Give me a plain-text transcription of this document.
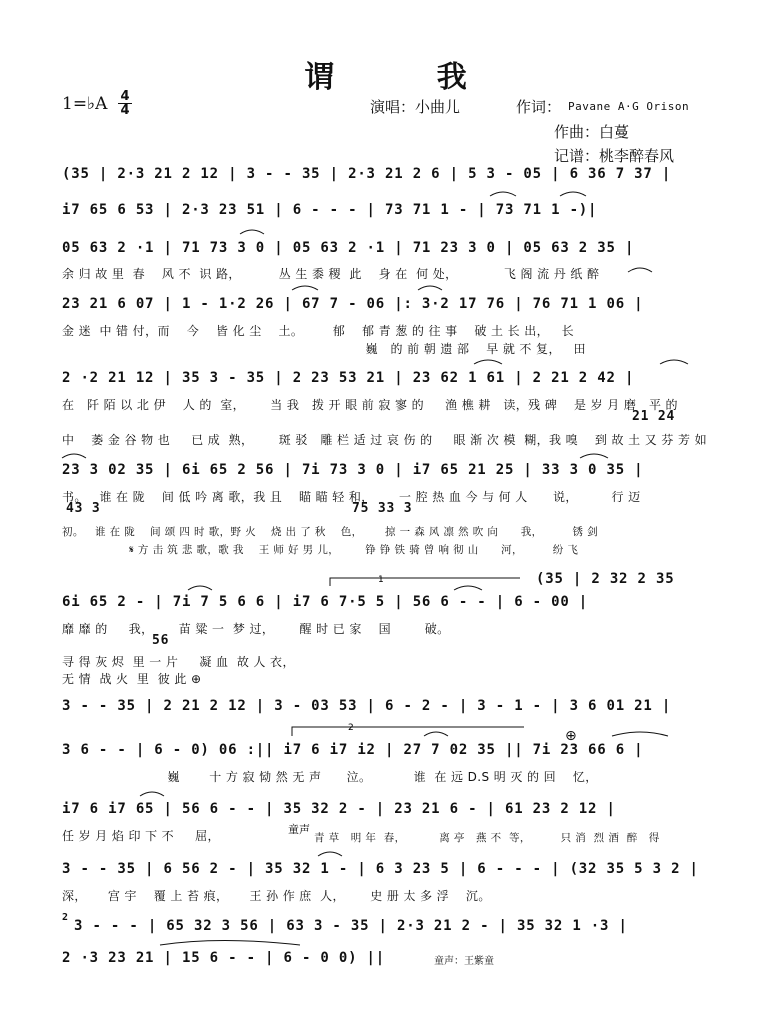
谓 我
1=♭A 4
4	演唱：小曲儿	作词： Pavane A·G Orison
作曲：白蔓
记谱：桃李醉春风
(35 | 2·3 21 2 12 | 3 - - 35 | 2·3 21 2 6 | 5 3 - 05 | 6 36 7 37 |
i7 65 6 53 | 2·3 23 51 | 6 - - - | 73 71 1 - | 73 71 1 -)|
05 63 2 ·1 | 71 73 3 0 | 05 63 2 ·1 | 71 23 3 0 | 05 63 2 35 |
余 归 故 里  春    风 不  识 路，         丛 生 黍 稷  此    身 在  何 处，           飞 阁 流 丹 纸 醉
23 21 6 07 | 1 - 1·2 26 | 67 7 - 06 |: 3·2 17 76 | 76 71 1 06 |
金 迷  中 错 付，而    今    皆 化 尘    土。       郁    郁 青 葱 的 往 事    破 土 长 出，   长
巍   的 前 朝 遗 部    早 就 不 复，   田
2 ·2 21 12 | 35 3 - 35 | 2 23 53 21 | 23 62 1 61 | 2 21 2 42 |
在   阡 陌 以 北 伊    人 的  室，      当 我   拨 开 眼 前 寂 寥 的     渔 樵 耕   读，残 碑    是 岁 月 磨   平 的
21 24
中    萎 金 谷 物 也     已 成  熟，      斑 驳   雕 栏 适 过 哀 伤 的     眼 渐 次 模  糊，我 嗅    到 故 土 又 芬 芳 如
23 3 02 35 | 6i 65 2 56 | 7i 73 3 0 | i7 65 21 25 | 33 3 0 35 |
书。   谁 在 陇    间 低 吟 离 歌，我 且    瞄 瞄 轻 和，      一 腔 热 血 今 与 何 人      说，        行 迈
43 3	75 33 3
初。   谁 在 陇    间 颂 四 时 歌，野 火    烧 出 了 秋    色，      掠 一 森 风 凛 然 吹 向      我，        锈 剑
𝄋 方 击 筑 悲 歌，歌 我    王 师 好 男 儿，       铮 铮 铁 骑 曾 响 彻 山      河，        纷 飞
(35 | 2 32 2 35
6i 65 2 - | 7i 7 5 6 6 | i7 6 7·5 5 | 56 6 - - | 6 - 00 |
靡 靡 的     我，      苗 粱 一  梦 过，      醒 时 已 家    国        破。
56
寻 得 灰 烬  里 一 片     凝 血  故 人 衣，
无 情  战 火  里  彼 此 ⊕
3 - - 35 | 2 21 2 12 | 3 - 03 53 | 6 - 2 - | 3 - 1 - | 3 6 01 21 |
3 6 - - | 6 - 0) 06 :|| i7 6 i7 i2 | 27 7 02 35 || 7i 23 66 6 |
⊕
巍       十 方 寂 恸 然 无 声      泣。          谁  在 远 D.S 明 灭 的 回    忆，
i7 6 i7 65 | 56 6 - - | 35 32 2 - | 23 21 6 - | 61 23 2 12 |
任 岁 月 焰 印 下 不     屈，	童声
青 草   明 年  春，         离 亭   燕 不  等，        只 消  烈 酒  醉   得
3 - - 35 | 6 56 2 - | 35 32 1 - | 6 3 23 5 | 6 - - - | (32 35 5 3 2 |
深，     宫 宇    覆 上 苔 痕，     王 孙 作 庶  人，      史 册 太 多 浮    沉。
2
3 - - - | 65 32 3 56 | 63 3 - 35 | 2·3 21 2 - | 35 32 1 ·3 |
2 ·3 23 21 | 15 6 - - | 6 - 0 0) ||	童声：王紫童
1
2
